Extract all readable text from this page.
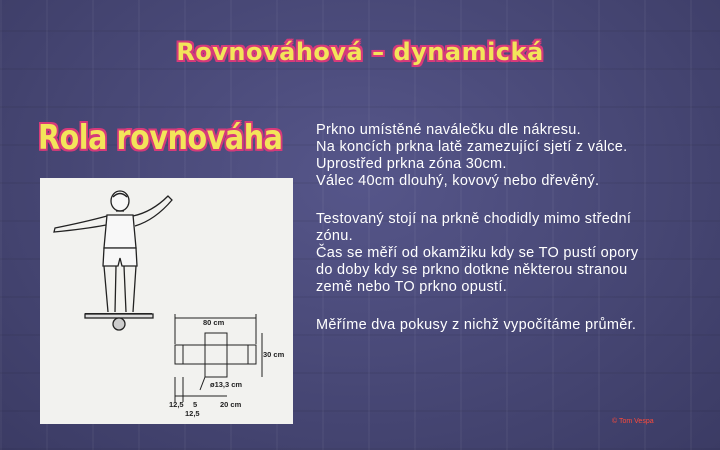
Rovnováhová – dynamická
Rola rovnováha Prkno umístěné naválečku dle nákresu.
Na koncích prkna latě zamezující sjetí z válce.
Uprostřed prkna zóna 30cm.
Válec 40cm dlouhý, kovový nebo dřevěný.

Testovaný stojí na prkně chodidly mimo střední
zónu.
Čas se měří od okamžiku kdy se TO pustí opory
do doby kdy se prkno dotkne některou stranou
země nebo TO prkno opustí.

Měříme dva pokusy z nichž vypočítáme průměr.

80 cm
30 cm
ø13,3 cm
12,5 5	20 cm
12,5
© Tom Vespa
